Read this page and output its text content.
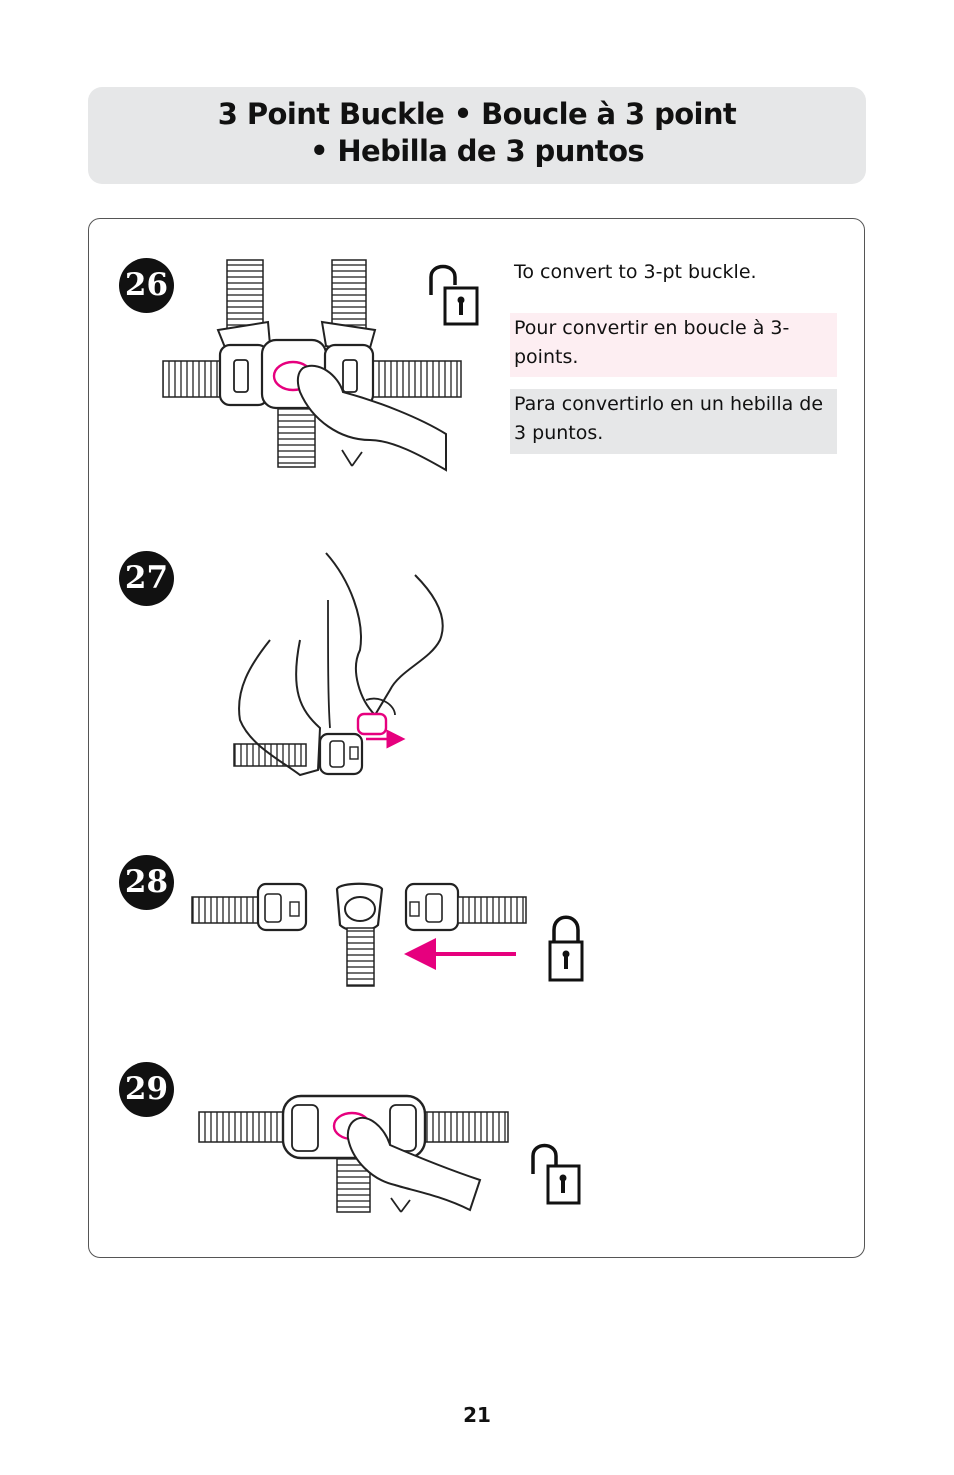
3 Point Buckle • Boucle à 3 point
• Hebilla de 3 puntos
26
27
28
29
To convert to 3-pt buckle.
Pour convertir en boucle à 3-points.
Para convertirlo en un hebilla de 3 puntos.
21
